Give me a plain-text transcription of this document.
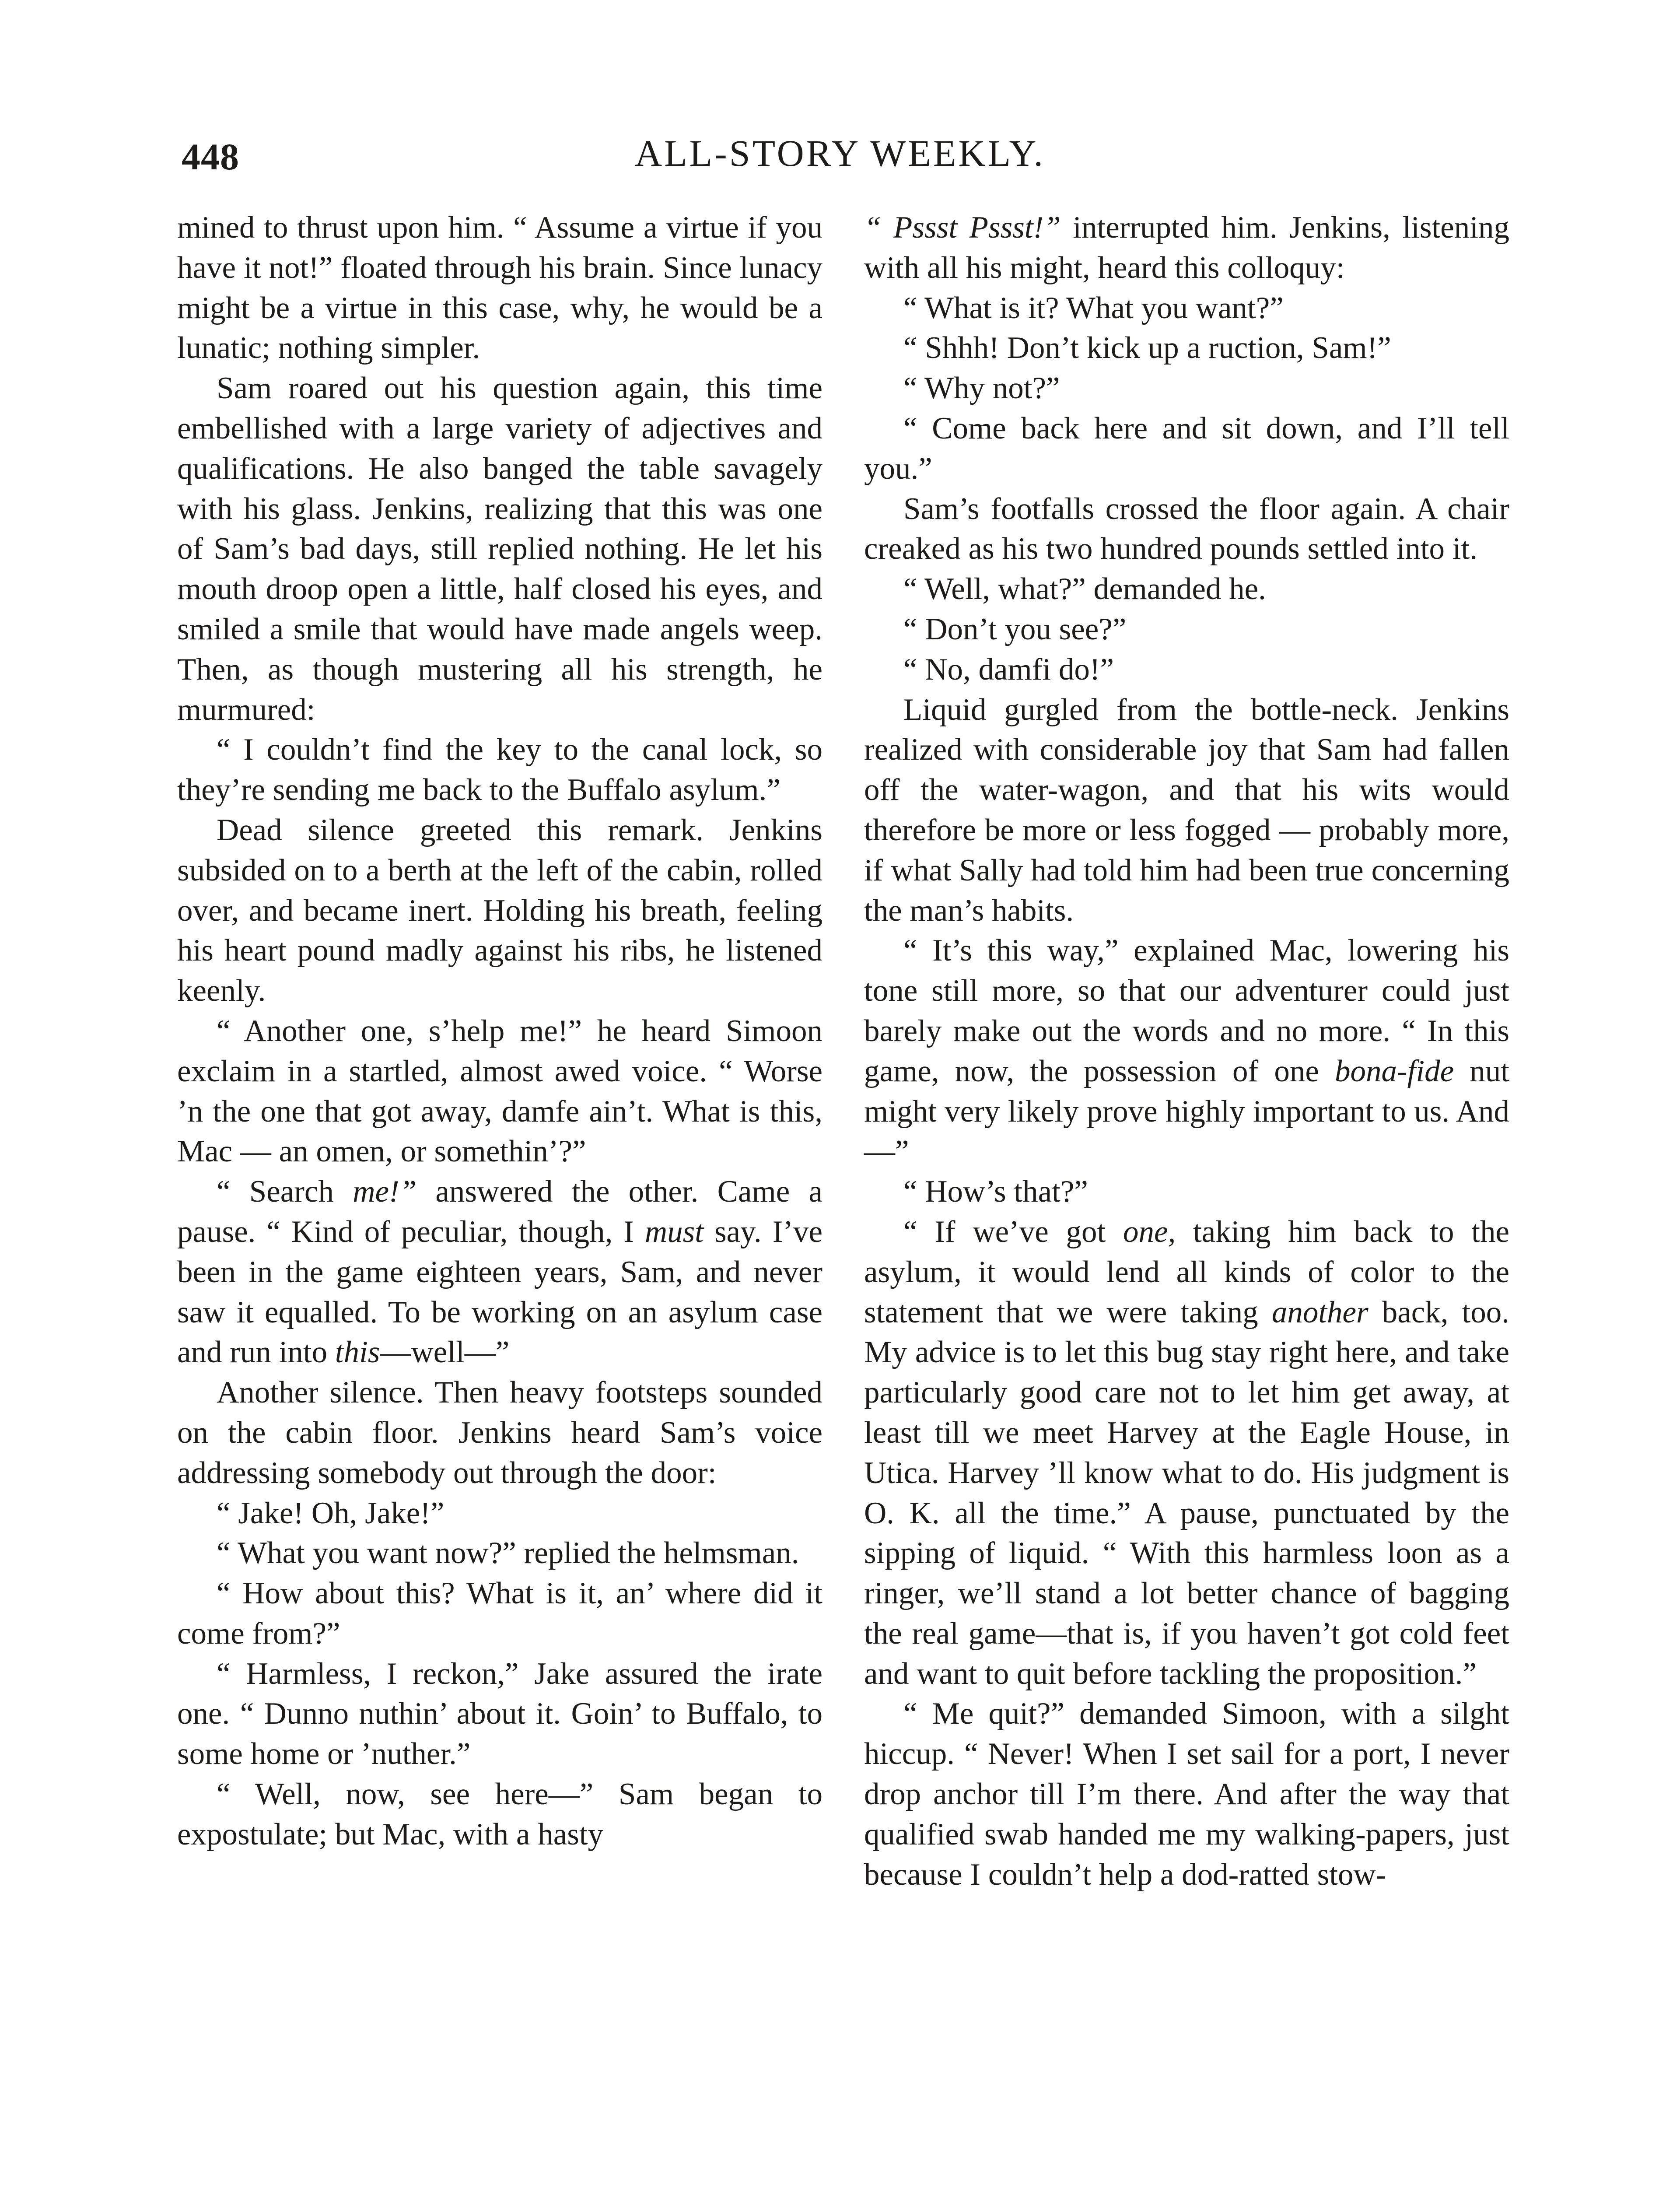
448	ALL-STORY WEEKLY.

mined to thrust upon him. “ Assume a virtue if you have it not!” floated through his brain. Since lunacy might be a virtue in this case, why, he would be a lunatic; nothing simpler.

Sam roared out his question again, this time embellished with a large variety of adjectives and qualifications. He also banged the table savagely with his glass. Jenkins, realizing that this was one of Sam’s bad days, still replied nothing. He let his mouth droop open a little, half closed his eyes, and smiled a smile that would have made angels weep. Then, as though mustering all his strength, he murmured:

“ I couldn’t find the key to the canal lock, so they’re sending me back to the Buffalo asylum.”

Dead silence greeted this remark. Jenkins subsided on to a berth at the left of the cabin, rolled over, and became inert. Holding his breath, feeling his heart pound madly against his ribs, he listened keenly.

“ Another one, s’help me!” he heard Simoon exclaim in a startled, almost awed voice. “ Worse ’n the one that got away, damfe ain’t. What is this, Mac — an omen, or somethin’?”

“ Search me!” answered the other. Came a pause. “ Kind of peculiar, though, I must say. I’ve been in the game eighteen years, Sam, and never saw it equalled. To be working on an asylum case and run into this—well—”

Another silence. Then heavy footsteps sounded on the cabin floor. Jenkins heard Sam’s voice addressing somebody out through the door:

“ Jake! Oh, Jake!”

“ What you want now?” replied the helmsman.

“ How about this? What is it, an’ where did it come from?”

“ Harmless, I reckon,” Jake assured the irate one. “ Dunno nuthin’ about it. Goin’ to Buffalo, to some home or ’nuther.”

“ Well, now, see here—” Sam began to expostulate; but Mac, with a hasty

“ Pssst Pssst!” interrupted him. Jenkins, listening with all his might, heard this colloquy:

“ What is it? What you want?”

“ Shhh! Don’t kick up a ruction, Sam!”

“ Why not?”

“ Come back here and sit down, and I’ll tell you.”

Sam’s footfalls crossed the floor again. A chair creaked as his two hundred pounds settled into it.

“ Well, what?” demanded he.

“ Don’t you see?”

“ No, damfi do!”

Liquid gurgled from the bottle-neck. Jenkins realized with considerable joy that Sam had fallen off the water-wagon, and that his wits would therefore be more or less fogged — probably more, if what Sally had told him had been true concerning the man’s habits.

“ It’s this way,” explained Mac, lowering his tone still more, so that our adventurer could just barely make out the words and no more. “ In this game, now, the possession of one bona-fide nut might very likely prove highly important to us. And—”

“ How’s that?”

“ If we’ve got one, taking him back to the asylum, it would lend all kinds of color to the statement that we were taking another back, too. My advice is to let this bug stay right here, and take particularly good care not to let him get away, at least till we meet Harvey at the Eagle House, in Utica. Harvey ’ll know what to do. His judgment is O. K. all the time.” A pause, punctuated by the sipping of liquid. “ With this harmless loon as a ringer, we’ll stand a lot better chance of bagging the real game—that is, if you haven’t got cold feet and want to quit before tackling the proposition.”

“ Me quit?” demanded Simoon, with a silght hiccup. “ Never! When I set sail for a port, I never drop anchor till I’m there. And after the way that qualified swab handed me my walking-papers, just because I couldn’t help a dod-ratted stow-
